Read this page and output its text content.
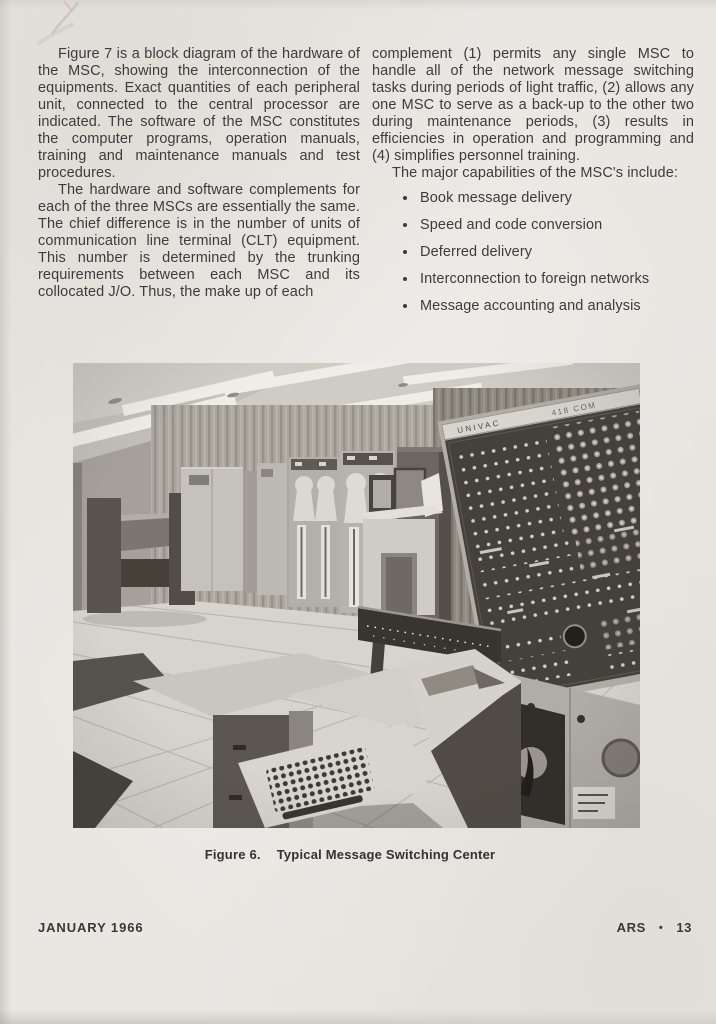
Figure 7 is a block diagram of the hardware of the MSC, showing the interconnection of the equipments. Exact quantities of each peripheral unit, connected to the central processor are indicated. The software of the MSC constitutes the computer programs, operation manuals, training and maintenance manuals and test procedures.

The hardware and software complements for each of the three MSCs are essentially the same. The chief difference is in the number of units of communication line terminal (CLT) equipment. This number is determined by the trunking requirements between each MSC and its collocated J/O. Thus, the make up of each

complement (1) permits any single MSC to handle all of the network message switching tasks during periods of light traffic, (2) allows any one MSC to serve as a back-up to the other two during maintenance periods, (3) results in efficiencies in operation and programming and (4) simplifies personnel training.

The major capabilities of the MSC's include:

• Book message delivery
• Speed and code conversion
• Deferred delivery
• Interconnection to foreign networks
• Message accounting and analysis
Figure 6. Typical Message Switching Center
JANUARY 1966	ARS • 13
